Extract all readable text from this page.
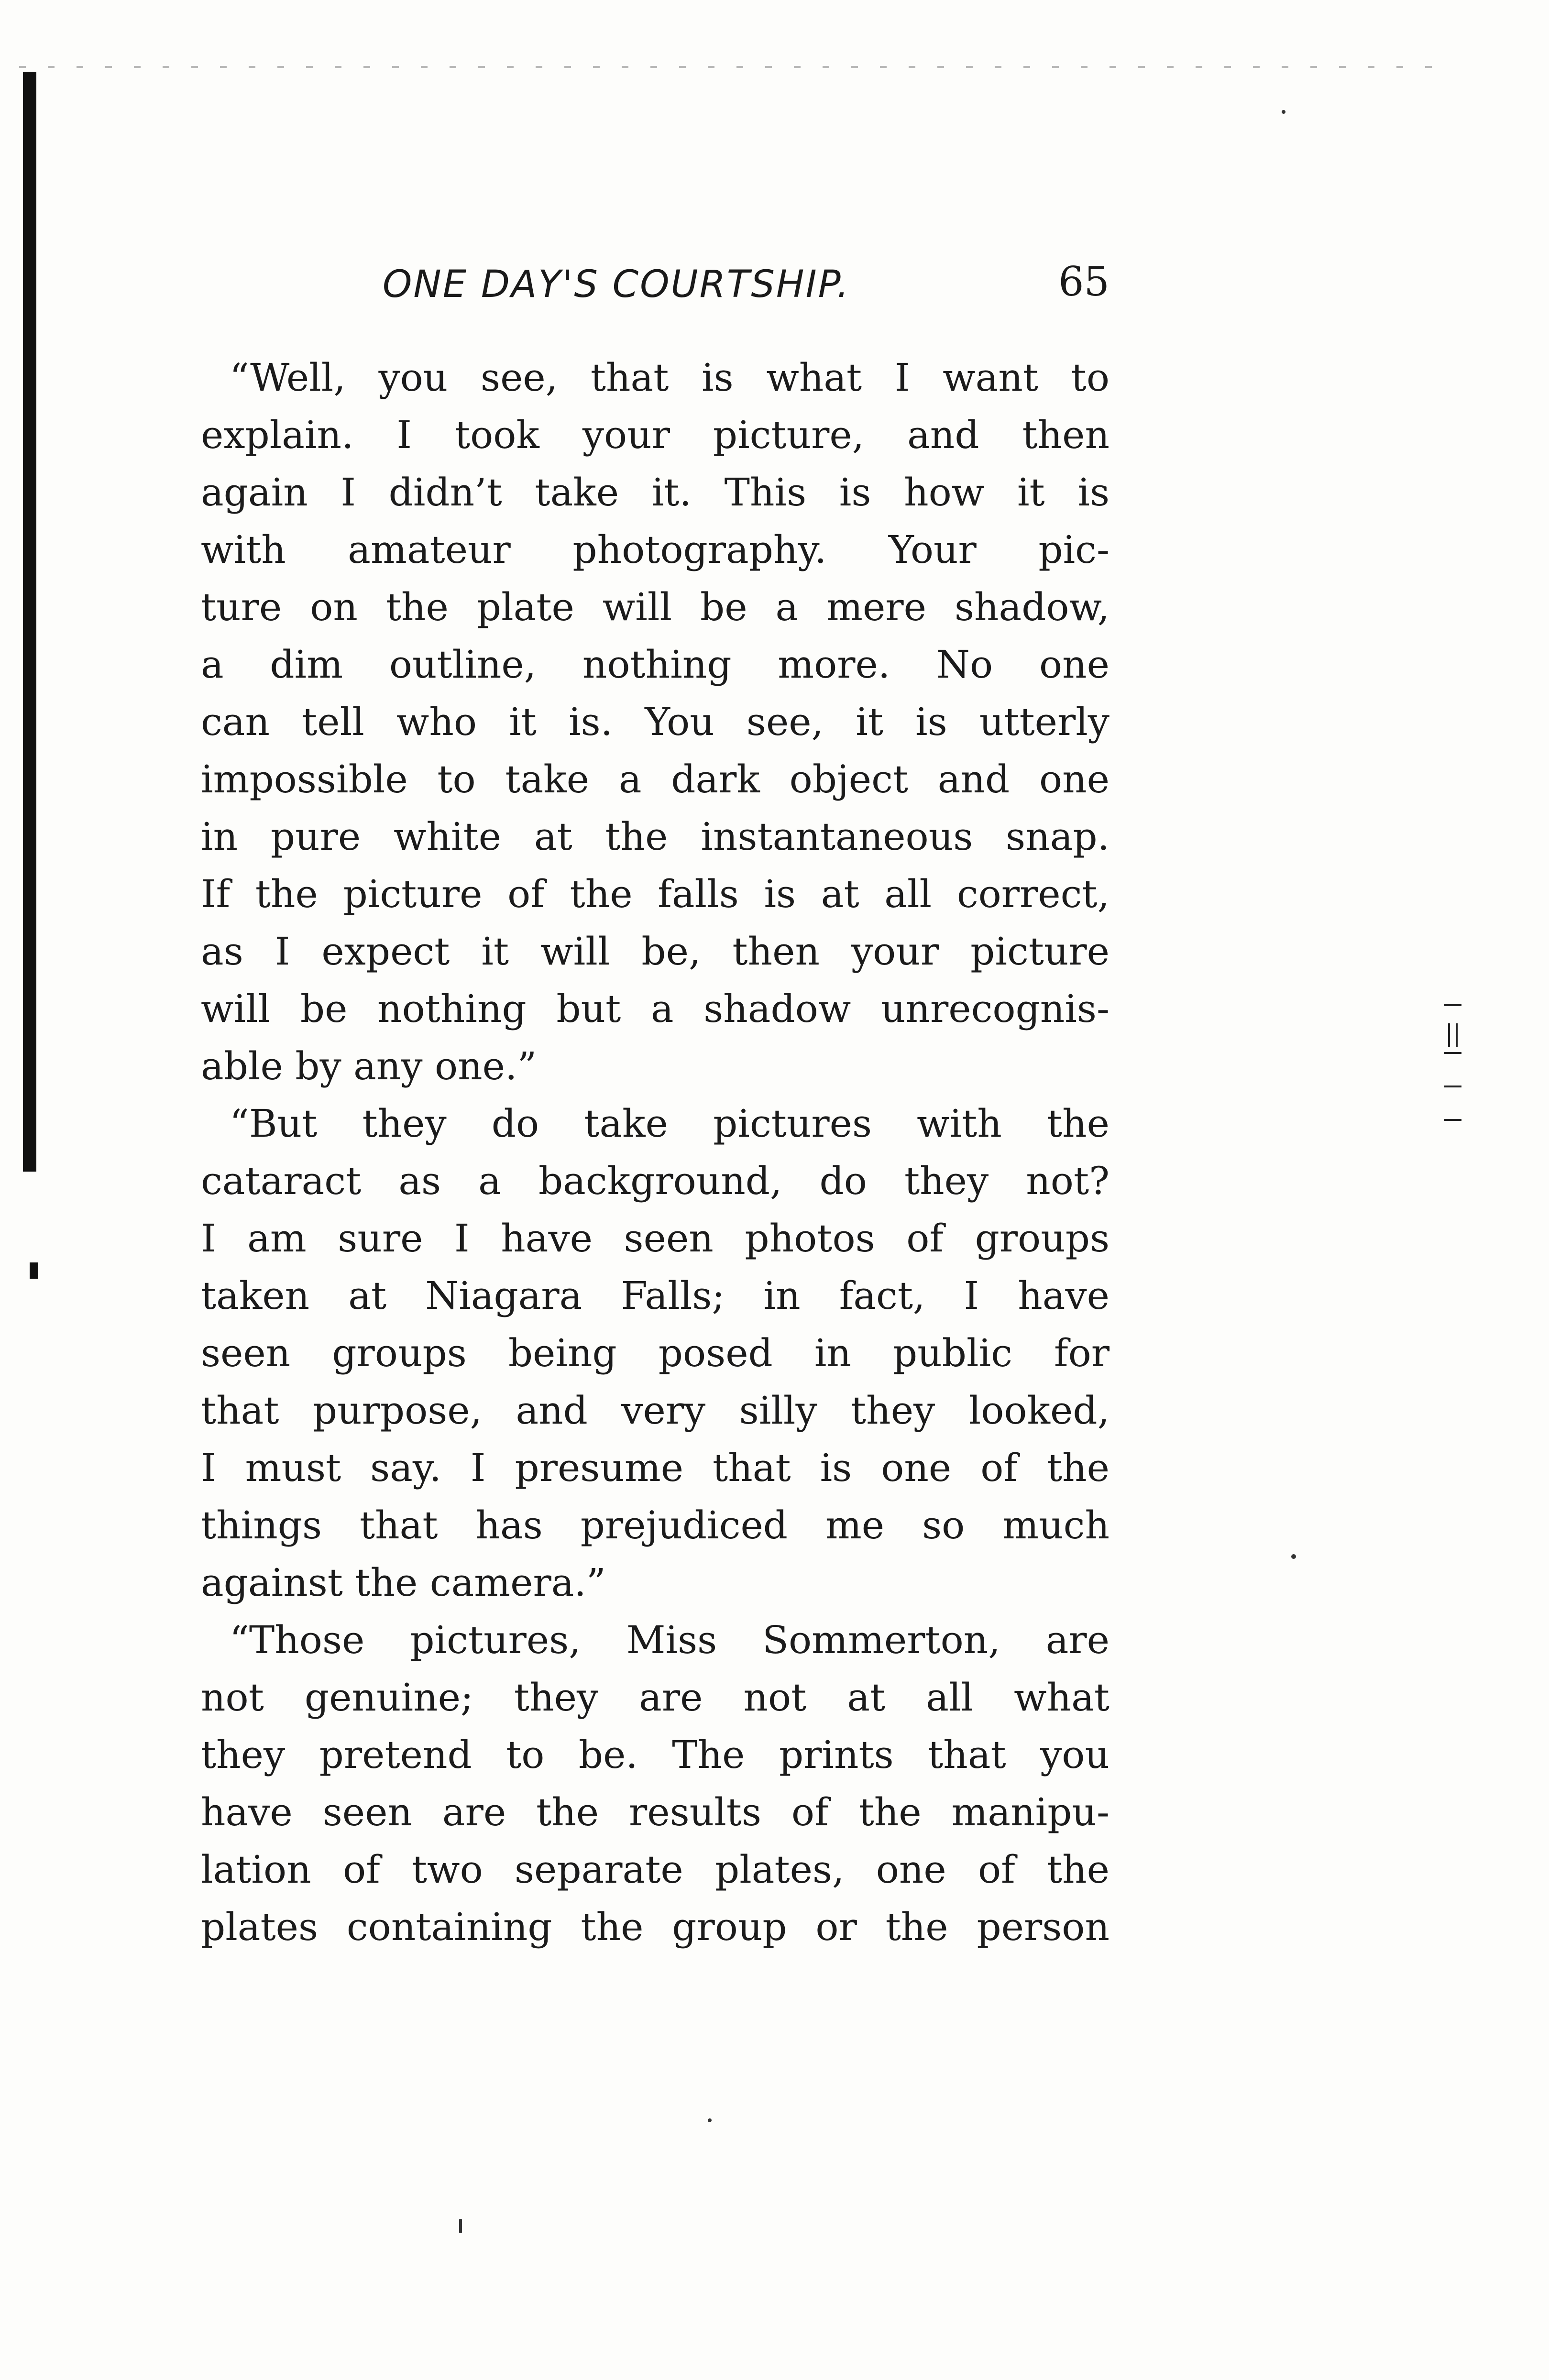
ONE DAY'S COURTSHIP.	65
“Well, you see, that is what I want to
explain. I took your picture, and then
again I didn’t take it. This is how it is
with amateur photography. Your pic-
ture on the plate will be a mere shadow,
a dim outline, nothing more. No one
can tell who it is. You see, it is utterly
impossible to take a dark object and one
in pure white at the instantaneous snap.
If the picture of the falls is at all correct,
as I expect it will be, then your picture
will be nothing but a shadow unrecognis-
able by any one.”
“But they do take pictures with the
cataract as a background, do they not?
I am sure I have seen photos of groups
taken at Niagara Falls; in fact, I have
seen groups being posed in public for
that purpose, and very silly they looked,
I must say. I presume that is one of the
things that has prejudiced me so much
against the camera.”
“Those pictures, Miss Sommerton, are
not genuine; they are not at all what
they pretend to be. The prints that you
have seen are the results of the manipu-
lation of two separate plates, one of the
plates containing the group or the person
